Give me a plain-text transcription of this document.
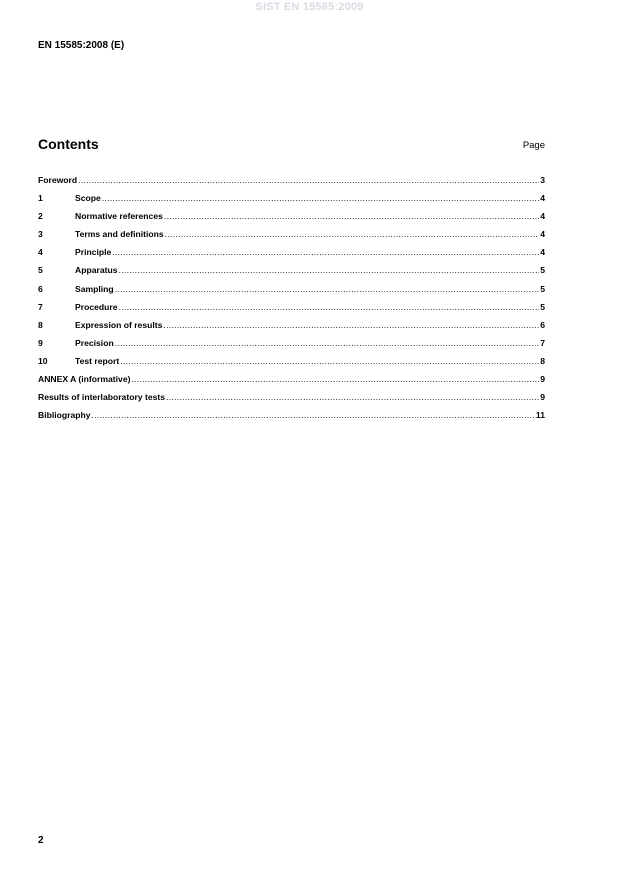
SIST EN 15585:2009
EN 15585:2008 (E)
Contents	Page
Foreword .....	3
1	Scope .....	4
2	Normative references .....	4
3	Terms and definitions .....	4
4	Principle .....	4
5	Apparatus .....	5
6	Sampling .....	5
7	Procedure .....	5
8	Expression of results .....	6
9	Precision .....	7
10	Test report .....	8
ANNEX A (informative) .....	9
Results of interlaboratory tests .....	9
Bibliography .....	11
2
